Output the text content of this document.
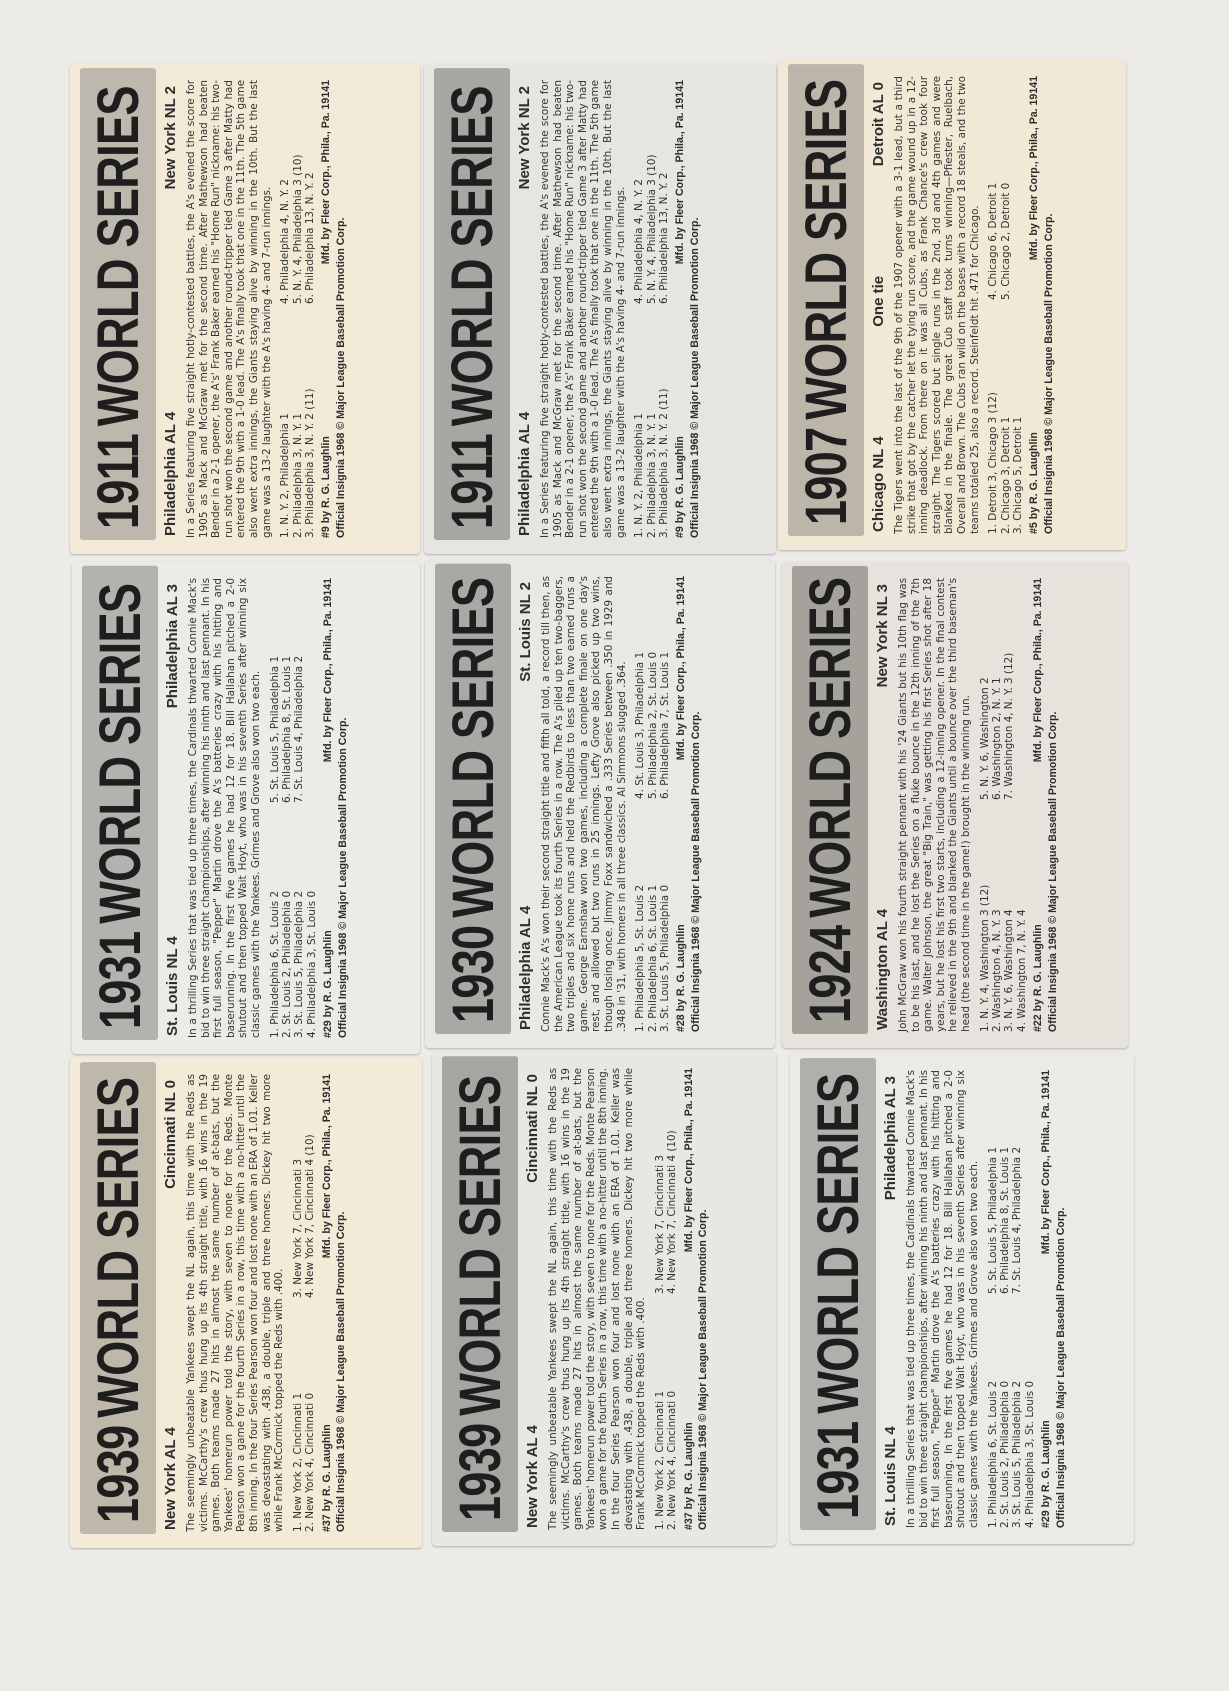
1911
WORLD SERIES
Philadelphia AL 4
New York NL 2 In a Series featuring five straight hotly-contested battles, the A's evened the score for 1905 as Mack and McGraw met for the second time. After Mathewson had beaten Bender in a 2-1 opener, the A's' Frank Baker earned his "Home Run" nickname: his two-run shot won the second game and another round-tripper tied Game 3 after Matty had entered the 9th with a 1-0 lead. The A's finally took that one in the 11th. The 5th game also went extra innings, the Giants staying alive by winning in the 10th. But the last game was a 13-2 laughter with the A's having 4- and 7-run innings. 1. N. Y. 2, Philadelphia 1
4. Philadelphia 4, N. Y. 2
2. Philadelphia 3, N. Y. 1
5. N. Y. 4, Philadelphia 3 (10)
3. Philadelphia 3, N. Y. 2 (11)
6. Philadelphia 13, N. Y. 2
#9 by R. G. Laughlin
Mfd. by Fleer Corp., Phila., Pa. 19141
Official Insignia 1968 © Major League Baseball Promotion Corp. 1911
WORLD SERIES
Philadelphia AL 4
New York NL 2 In a Series featuring five straight hotly-contested battles, the A's evened the score for 1905 as Mack and McGraw met for the second time. After Mathewson had beaten Bender in a 2-1 opener, the A's' Frank Baker earned his "Home Run" nickname: his two-run shot won the second game and another round-tripper tied Game 3 after Matty had entered the 9th with a 1-0 lead. The A's finally took that one in the 11th. The 5th game also went extra innings, the Giants staying alive by winning in the 10th. But the last game was a 13-2 laughter with the A's having 4- and 7-run innings. 1. N. Y. 2, Philadelphia 1
4. Philadelphia 4, N. Y. 2
2. Philadelphia 3, N. Y. 1
5. N. Y. 4, Philadelphia 3 (10)
3. Philadelphia 3, N. Y. 2 (11)
6. Philadelphia 13, N. Y. 2
#9 by R. G. Laughlin
Mfd. by Fleer Corp., Phila., Pa. 19141
Official Insignia 1968 © Major League Baseball Promotion Corp. 1907
WORLD SERIES
Chicago NL 4
One tie
Detroit AL 0 The Tigers went into the last of the 9th of the 1907 opener with a 3-1 lead, but a third strike that got by the catcher let the tying run score, and the game wound up in a 12-inning deadlock. From there on it was all Cubs, as Frank Chance's crew took four straight. The Tigers scored but single runs in the 2nd, 3rd and 4th games and were blanked in the finale. The great Cub staff took turns winning—Pfiester, Ruelbach, Overall and Brown. The Cubs ran wild on the bases with a record 18 steals, and the two teams totaled 25, also a record. Steinfeldt hit .471 for Chicago. 1. Detroit 3, Chicago 3 (12)
4. Chicago 6, Detroit 1
2. Chicago 3, Detroit 1
5. Chicago 2, Detroit 0
3. Chicago 5, Detroit 1 #5 by R. G. Laughlin
Mfd. by Fleer Corp., Phila., Pa. 19141
Official Insignia 1968 © Major League Baseball Promotion Corp.
1931
WORLD SERIES
St. Louis NL 4
Philadelphia AL 3 In a thrilling Series that was tied up three times, the Cardinals thwarted Connie Mack's bid to win three straight championships, after winning his ninth and last pennant. In his first full season, "Pepper" Martin drove the A's batteries crazy with his hitting and baserunning. In the first five games he had 12 for 18. Bill Hallahan pitched a 2-0 shutout and then topped Wait Hoyt, who was in his seventh Series after winning six classic games with the Yankees. Grimes and Grove also won two each. 1. Philadelphia 6, St. Louis 2
5. St. Louis 5, Philadelphia 1
2. St. Louis 2, Philadelphia 0
6. Philadelphia 8, St. Louis 1
3. St. Louis 5, Philadelphia 2
7. St. Louis 4, Philadelphia 2
4. Philadelphia 3, St. Louis 0 #29 by R. G. Laughlin
Mfd. by Fleer Corp., Phila., Pa. 19141
Official Insignia 1968 © Major League Baseball Promotion Corp. 1930
WORLD SERIES
Philadelphia AL 4
St. Louis NL 2 Connie Mack's A's won their second straight title and fifth all told, a record till then, as the American League took its fourth Series in a row. The A's piled up ten two-baggers, two triples and six home runs and held the Redbirds to less than two earned runs a game. George Earnshaw won two games, including a complete finale on one day's rest, and allowed but two runs in 25 innings. Lefty Grove also picked up two wins, though losing once. Jimmy Foxx sandwiched a .333 Series between .350 in 1929 and .348 in '31, with homers in all three classics. Al Simmons slugged .364. 1. Philadelphia 5, St. Louis 2
4. St. Louis 3, Philadelphia 1
2. Philadelphia 6, St. Louis 1
5. Philadelphia 2, St. Louis 0
3. St. Louis 5, Philadelphia 0
6. Philadelphia 7, St. Louis 1
#28 by R. G. Laughlin
Mfd. by Fleer Corp., Phila., Pa. 19141
Official Insignia 1968 © Major League Baseball Promotion Corp. 1924
WORLD SERIES
Washington AL 4
New York NL 3 John McGraw won his fourth straight pennant with his '24 Giants but his 10th flag was to be his last, and he lost the Series on a fluke bounce in the 12th inning of the 7th game. Walter Johnson, the great "Big Train," was getting his first Series shot after 18 years, but he lost his first two starts, including a 12-inning opener. In the final contest he relieved in the 9th and blanked the Giants until a bounce over the third baseman's head (the second time in the game!) brought in the winning run. 1. N. Y. 4, Washington 3 (12)
5. N. Y. 6, Washington 2
2. Washington 4, N. Y. 3
6. Washington 2, N. Y. 1
3. N. Y. 6, Washington 4
7. Washington 4, N. Y. 3 (12)
4. Washington 7, N. Y. 4 #22 by R. G. Laughlin
Mfd. by Fleer Corp., Phila., Pa. 19141
Official Insignia 1968 © Major League Baseball Promotion Corp.
1939
WORLD SERIES
New York AL 4
Cincinnati NL 0 The seemingly unbeatable Yankees swept the NL again, this time with the Reds as victims. McCarthy's crew thus hung up its 4th straight title, with 16 wins in the 19 games. Both teams made 27 hits in almost the same number of at-bats, but the Yankees' homerun power told the story, with seven to none for the Reds. Monte Pearson won a game for the fourth Series in a row, this time with a no-hitter until the 8th inning. In the four Series Pearson won four and lost none with an ERA of 1.01. Keller was devastating with .438, a double, triple and three homers. Dickey hit two more while Frank McCormick topped the Reds with .400. 1. New York 2, Cincinnati 1
3. New York 7, Cincinnati 3
2. New York 4, Cincinnati 0
4. New York 7, Cincinnati 4 (10)
#37 by R. G. Laughlin
Mfd. by Fleer Corp., Phila., Pa. 19141
Official Insignia 1968 © Major League Baseball Promotion Corp. 1939
WORLD SERIES
New York AL 4
Cincinnati NL 0 The seemingly unbeatable Yankees swept the NL again, this time with the Reds as victims. McCarthy's crew thus hung up its 4th straight title, with 16 wins in the 19 games. Both teams made 27 hits in almost the same number of at-bats, but the Yankees' homerun power told the story, with seven to none for the Reds. Monte Pearson won a game for the fourth Series in a row, this time with a no-hitter until the 8th inning. In the four Series Pearson won four and lost none with an ERA of 1.01. Keller was devastating with .438, a double, triple and three homers. Dickey hit two more while Frank McCormick topped the Reds with .400. 1. New York 2, Cincinnati 1
3. New York 7, Cincinnati 3
2. New York 4, Cincinnati 0
4. New York 7, Cincinnati 4 (10)
#37 by R. G. Laughlin
Mfd. by Fleer Corp., Phila., Pa. 19141
Official Insignia 1968 © Major League Baseball Promotion Corp. 1931
WORLD SERIES
St. Louis NL 4
Philadelphia AL 3 In a thrilling Series that was tied up three times, the Cardinals thwarted Connie Mack's bid to win three straight championships, after winning his ninth and last pennant. In his first full season, "Pepper" Martin drove the A's batteries crazy with his hitting and baserunning. In the first five games he had 12 for 18. Bill Hallahan pitched a 2-0 shutout and then topped Wait Hoyt, who was in his seventh Series after winning six classic games with the Yankees. Grimes and Grove also won two each. 1. Philadelphia 6, St. Louis 2
5. St. Louis 5, Philadelphia 1
2. St. Louis 2, Philadelphia 0
6. Philadelphia 8, St. Louis 1
3. St. Louis 5, Philadelphia 2
7. St. Louis 4, Philadelphia 2
4. Philadelphia 3, St. Louis 0 #29 by R. G. Laughlin
Mfd. by Fleer Corp., Phila., Pa. 19141
Official Insignia 1968 © Major League Baseball Promotion Corp.
